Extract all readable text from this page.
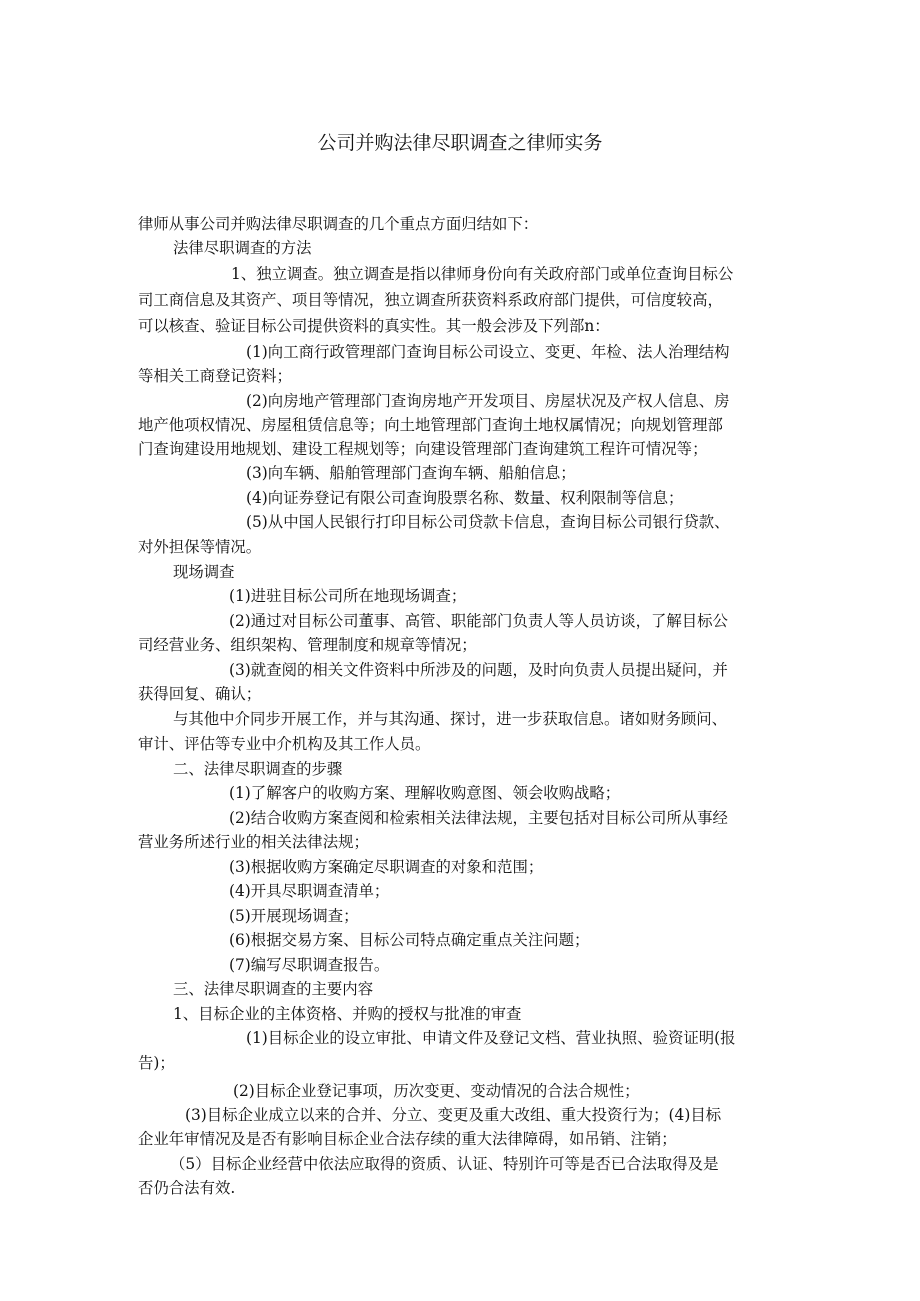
公司并购法律尽职调查之律师实务
律师从事公司并购法律尽职调查的几个重点方面归结如下：
法律尽职调查的方法
1、独立调查。独立调查是指以律师身份向有关政府部门或单位查询目标公
司工商信息及其资产、项目等情况，独立调查所获资料系政府部门提供，可信度较高，
可以核查、验证目标公司提供资料的真实性。其一般会涉及下列部n：
(1)向工商行政管理部门查询目标公司设立、变更、年检、法人治理结构
等相关工商登记资料；
(2)向房地产管理部门查询房地产开发项目、房屋状况及产权人信息、房
地产他项权情况、房屋租赁信息等；向土地管理部门查询土地权属情况；向规划管理部
门查询建设用地规划、建设工程规划等；向建设管理部门查询建筑工程许可情况等；
(3)向车辆、船舶管理部门查询车辆、船舶信息；
(4)向证券登记有限公司查询股票名称、数量、权利限制等信息；
(5)从中国人民银行打印目标公司贷款卡信息，查询目标公司银行贷款、
对外担保等情况。
现场调查
(1)进驻目标公司所在地现场调查；
(2)通过对目标公司董事、高管、职能部门负责人等人员访谈，了解目标公
司经营业务、组织架构、管理制度和规章等情况；
(3)就查阅的相关文件资料中所涉及的问题，及时向负责人员提出疑问，并
获得回复、确认；
与其他中介同步开展工作，并与其沟通、探讨，进一步获取信息。诸如财务顾问、
审计、评估等专业中介机构及其工作人员。
二、法律尽职调查的步骤
(1)了解客户的收购方案、理解收购意图、领会收购战略；
(2)结合收购方案查阅和检索相关法律法规，主要包括对目标公司所从事经
营业务所述行业的相关法律法规；
(3)根据收购方案确定尽职调查的对象和范围；
(4)开具尽职调查清单；
(5)开展现场调查；
(6)根据交易方案、目标公司特点确定重点关注问题；
(7)编写尽职调查报告。
三、法律尽职调查的主要内容
1、目标企业的主体资格、并购的授权与批准的审查
(1)目标企业的设立审批、申请文件及登记文档、营业执照、验资证明(报
告)；
(2)目标企业登记事项，历次变更、变动情况的合法合规性；
(3)目标企业成立以来的合并、分立、变更及重大改组、重大投资行为；(4)目标
企业年审情况及是否有影响目标企业合法存续的重大法律障碍，如吊销、注销；
（5）目标企业经营中依法应取得的资质、认证、特别许可等是否已合法取得及是
否仍合法有效.
